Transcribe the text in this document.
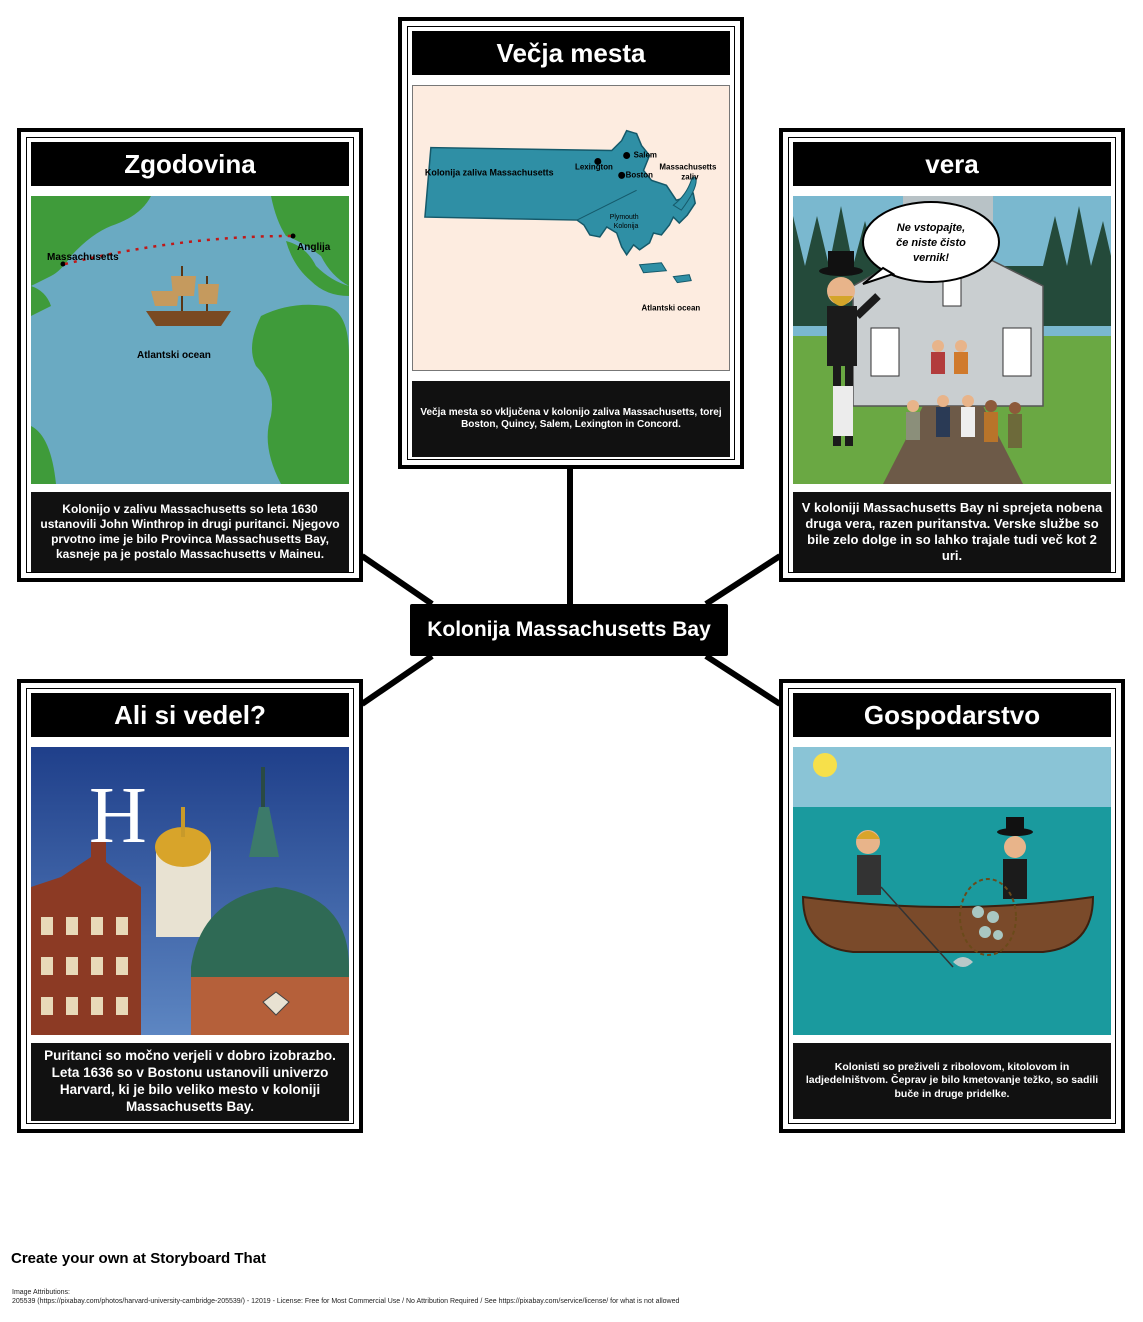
Kolonija Massachusetts Bay
Zgodovina
Massachusetts
Anglija
Atlantski ocean
Kolonijo v zalivu Massachusetts so leta 1630 ustanovili John Winthrop in drugi puritanci. Njegovo prvotno ime je bilo Provinca Massachusetts Bay, kasneje pa je postalo Massachusetts v Maineu.
Večja mesta
Kolonija zaliva Massachusetts
Salem
Lexington
Boston
Massachusetts
zaliv
Plymouth
Kolonija
Atlantski ocean
Večja mesta so vključena v kolonijo zaliva Massachusetts, torej Boston, Quincy, Salem, Lexington in Concord.
vera
Ne vstopajte,
če niste čisto
vernik!
V koloniji Massachusetts Bay ni sprejeta nobena druga vera, razen puritanstva. Verske službe so bile zelo dolge in so lahko trajale tudi več kot 2 uri.
Ali si vedel?
H
Puritanci so močno verjeli v dobro izobrazbo. Leta 1636 so v Bostonu ustanovili univerzo Harvard, ki je bilo veliko mesto v koloniji Massachusetts Bay.
Gospodarstvo
Kolonisti so preživeli z ribolovom, kitolovom in ladjedelništvom. Čeprav je bilo kmetovanje težko, so sadili buče in druge pridelke.
Create your own at Storyboard That
Image Attributions:
205539 (https://pixabay.com/photos/harvard-university-cambridge-205539/) - 12019 - License: Free for Most Commercial Use / No Attribution Required / See https://pixabay.com/service/license/ for what is not allowed
